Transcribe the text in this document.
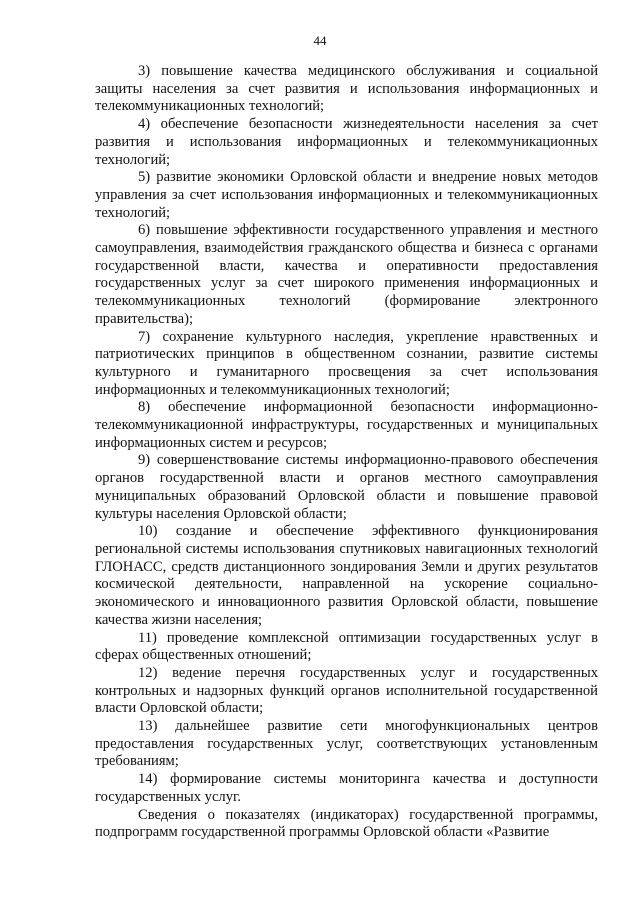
44

3) повышение качества медицинского обслуживания и социальной защиты населения за счет развития и использования информационных и телекоммуникационных технологий;

4) обеспечение безопасности жизнедеятельности населения за счет развития и использования информационных и телекоммуникационных технологий;

5) развитие экономики Орловской области и внедрение новых методов управления за счет использования информационных и телекоммуникационных технологий;

6) повышение эффективности государственного управления и местного самоуправления, взаимодействия гражданского общества и бизнеса с органами государственной власти, качества и оперативности предоставления государственных услуг за счет широкого применения информационных и телекоммуникационных технологий (формирование электронного правительства);

7) сохранение культурного наследия, укрепление нравственных и патриотических принципов в общественном сознании, развитие системы культурного и гуманитарного просвещения за счет использования информационных и телекоммуникационных технологий;

8) обеспечение информационной безопасности информационно-телекоммуникационной инфраструктуры, государственных и муниципальных информационных систем и ресурсов;

9) совершенствование системы информационно-правового обеспечения органов государственной власти и органов местного самоуправления муниципальных образований Орловской области и повышение правовой культуры населения Орловской области;

10) создание и обеспечение эффективного функционирования региональной системы использования спутниковых навигационных технологий ГЛОНАСС, средств дистанционного зондирования Земли и других результатов космической деятельности, направленной на ускорение социально-экономического и инновационного развития Орловской области, повышение качества жизни населения;

11) проведение комплексной оптимизации государственных услуг в сферах общественных отношений;

12) ведение перечня государственных услуг и государственных контрольных и надзорных функций органов исполнительной государственной власти Орловской области;

13) дальнейшее развитие сети многофункциональных центров предоставления государственных услуг, соответствующих установленным требованиям;

14) формирование системы мониторинга качества и доступности государственных услуг.

Сведения о показателях (индикаторах) государственной программы, подпрограмм государственной программы Орловской области «Развитие
